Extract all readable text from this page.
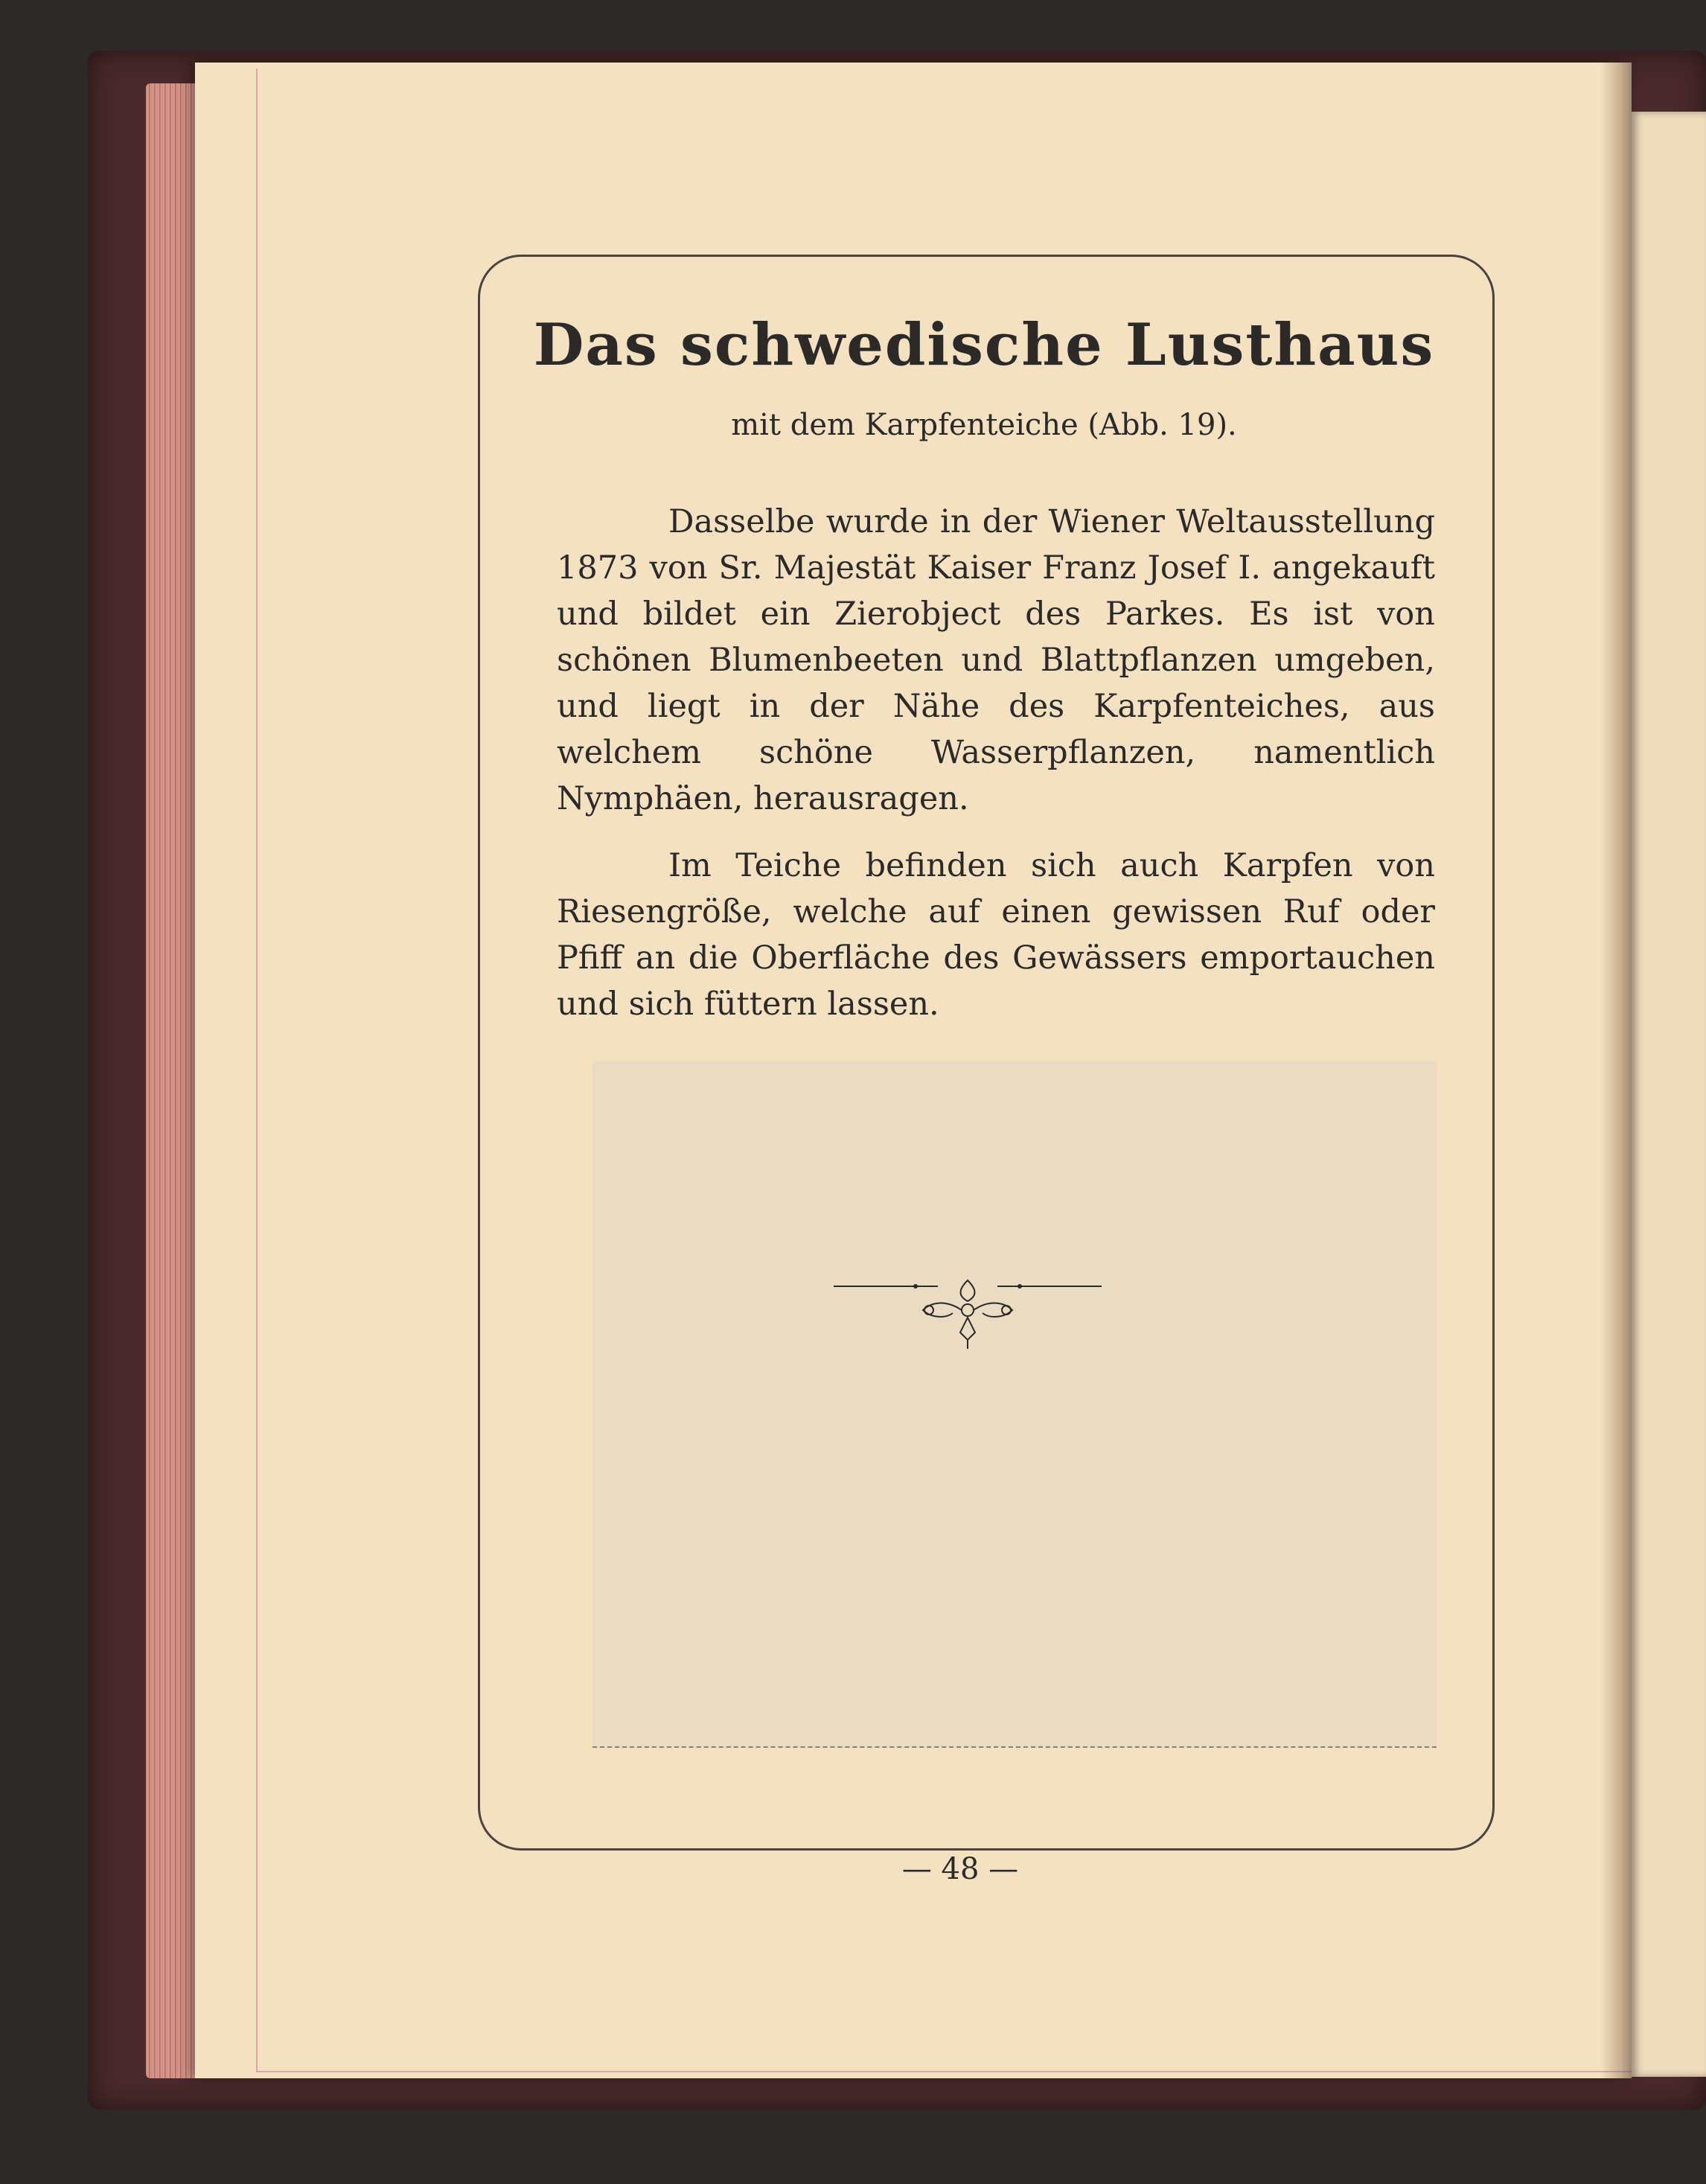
Das schwedische Lusthaus
mit dem Karpfenteiche (Abb. 19).

Dasselbe wurde in der Wiener Weltausstellung 1873 von Sr. Majestät Kaiser Franz Josef I. angekauft und bildet ein Zierobject des Parkes. Es ist von schönen Blumenbeeten und Blattpflanzen umgeben, und liegt in der Nähe des Karpfenteiches, aus welchem schöne Wasserpflanzen, namentlich Nymphäen, herausragen.

Im Teiche befinden sich auch Karpfen von Riesengröße, welche auf einen gewissen Ruf oder Pfiff an die Oberfläche des Gewässers emportauchen und sich füttern lassen.

— 48 —
